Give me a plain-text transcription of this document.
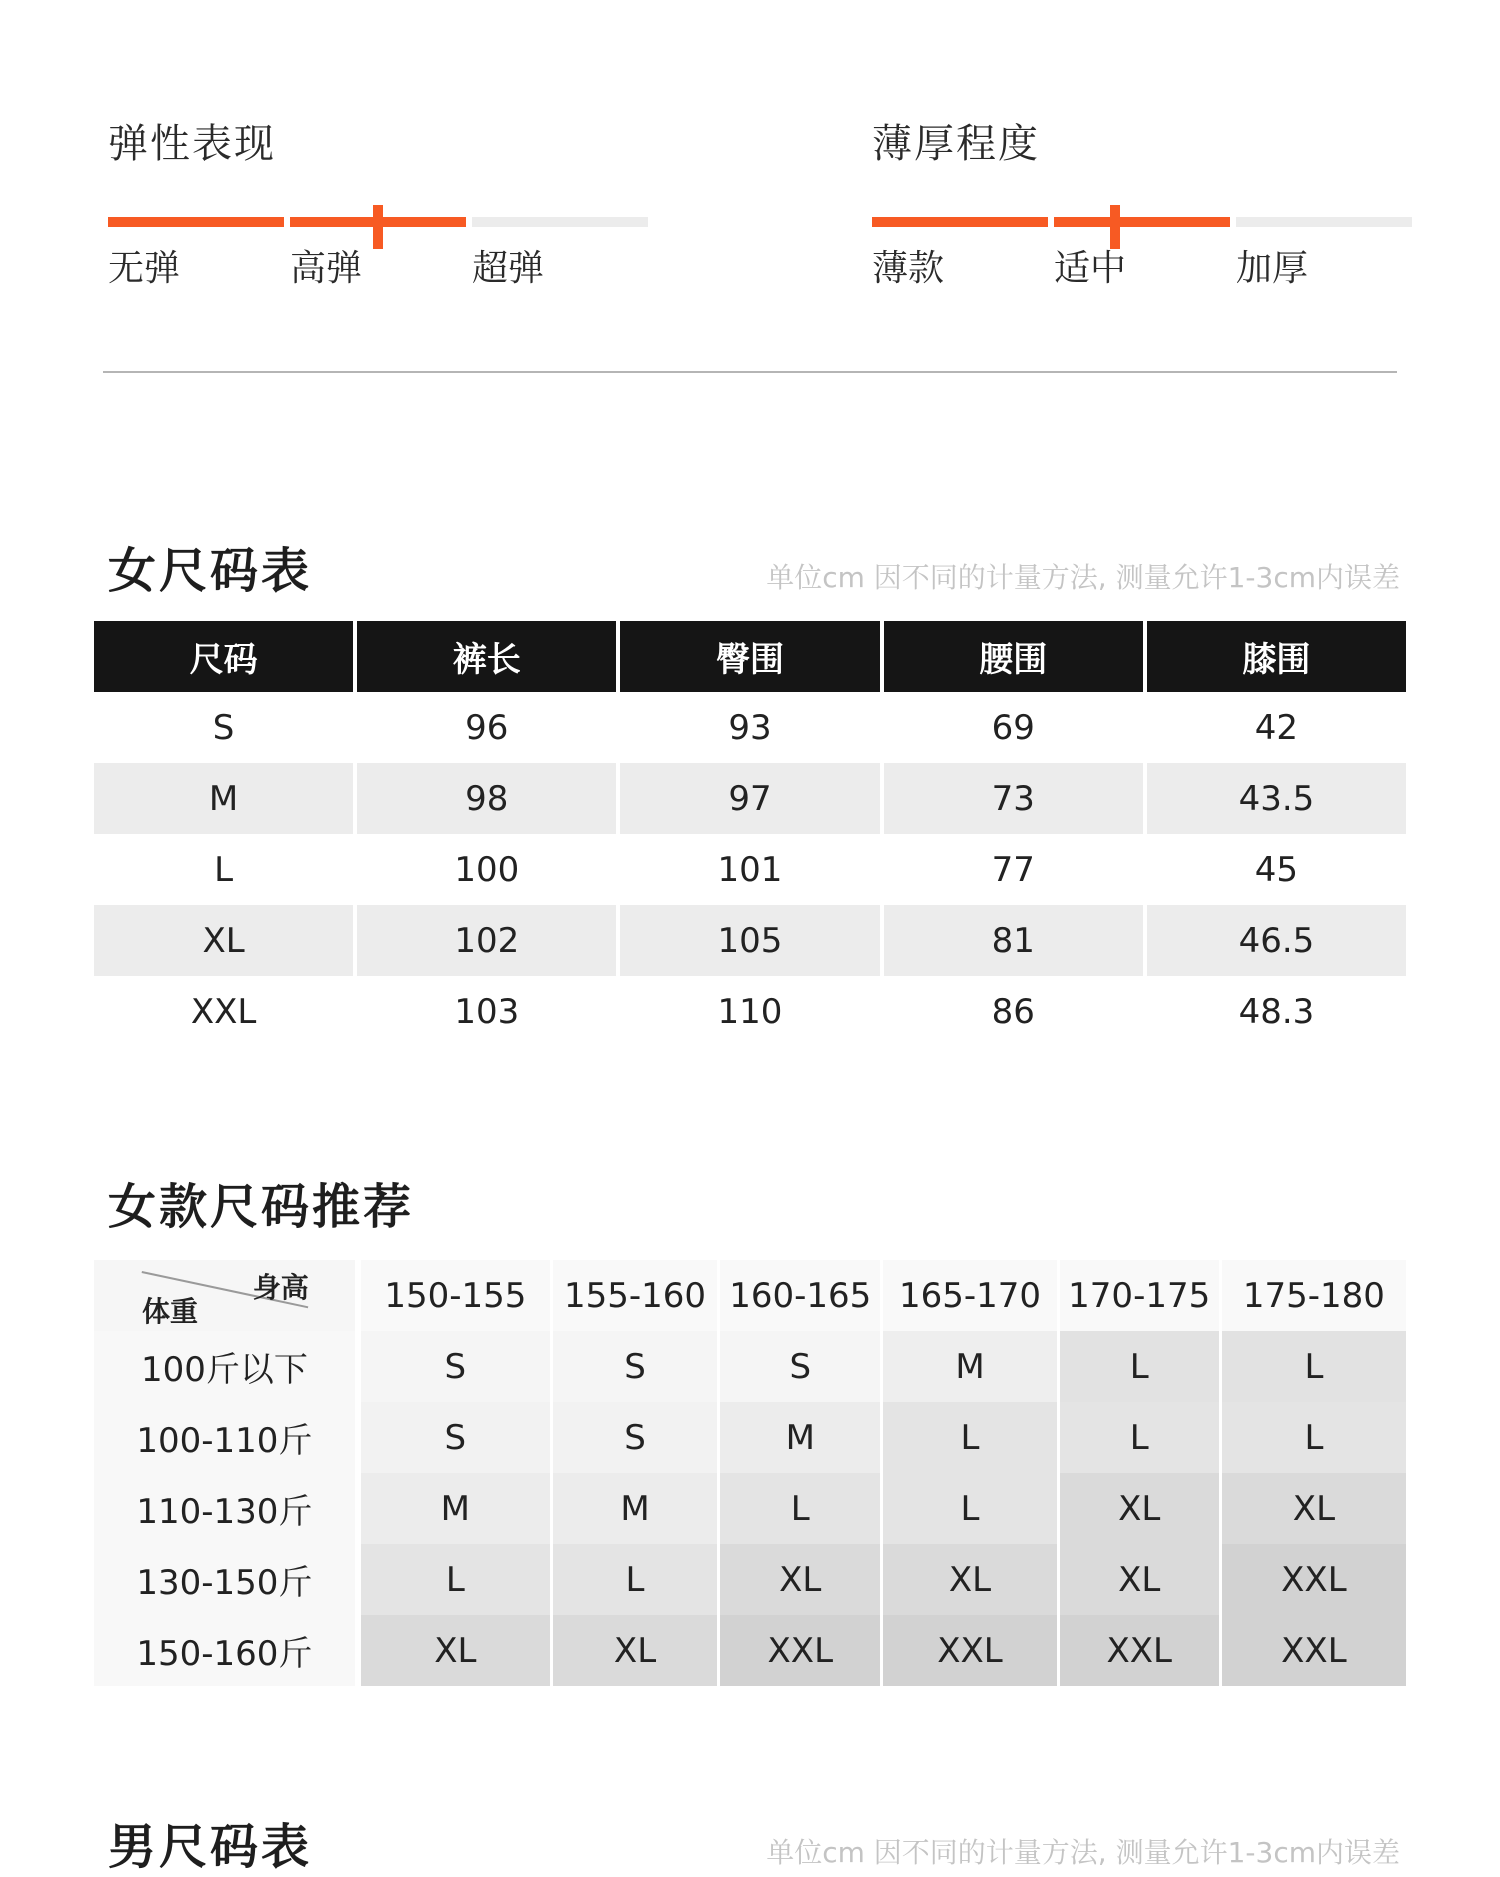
弹性表现
无弹	高弹	超弹
薄厚程度
薄款	适中	加厚
女尺码表	单位cm 因不同的计量方法, 测量允许1-3cm内误差
尺码	裤长	臀围	腰围	膝围
S	96	93	69	42
M	98	97	73	43.5
L	100	101	77	45
XL	102	105	81	46.5
XXL	103	110	86	48.3
女款尺码推荐
身高
体重	150-155	155-160 160-165 165-170 170-175 175-180
100斤以下	S	S	S	M	L	L
100-110斤	S	S	M	L	L	L
110-130斤	M	M	L	L	XL	XL
130-150斤	L	L	XL	XL	XL	XXL
150-160斤	XL	XL	XXL	XXL	XXL	XXL
男尺码表	单位cm 因不同的计量方法, 测量允许1-3cm内误差
